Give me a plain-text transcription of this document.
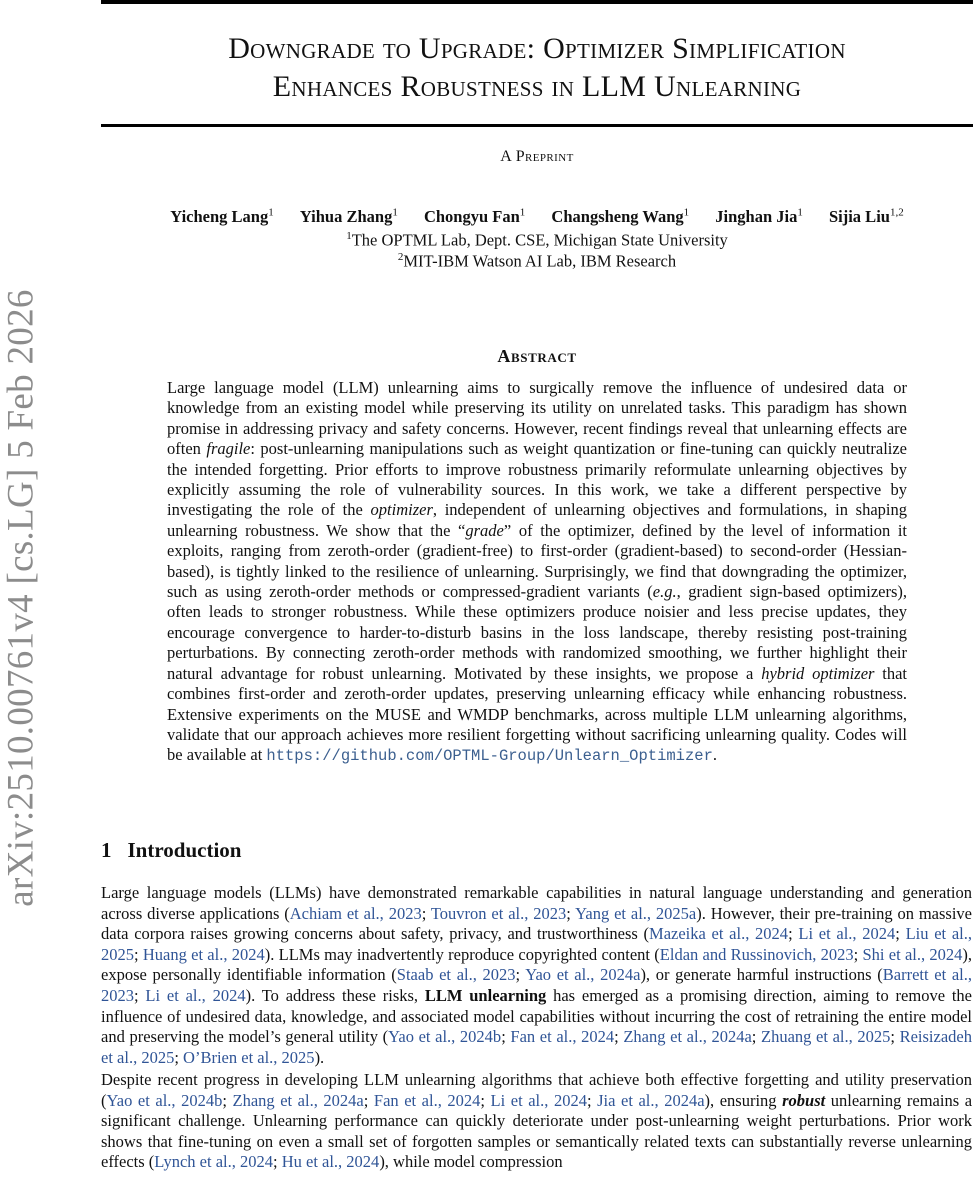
arXiv:2510.00761v4 [cs.LG] 5 Feb 2026
Downgrade to Upgrade: Optimizer Simplification
Enhances Robustness in LLM Unlearning
A Preprint
Yicheng Lang$^1$ Yihua Zhang$^1$ Chongyu Fan$^1$ Changsheng Wang$^1$ Jinghan Jia$^1$ Sijia Liu$^{1,2}$
$^1$The OPTML Lab, Dept. CSE, Michigan State University
$^2$MIT-IBM Watson AI Lab, IBM Research
Abstract
Large language model (LLM) unlearning aims to surgically remove the influence of undesired data or knowledge from an existing model while preserving its utility on unrelated tasks. This paradigm has shown promise in addressing privacy and safety concerns. However, recent findings reveal that unlearning effects are often fragile: post-unlearning manipulations such as weight quantization or fine-tuning can quickly neutralize the intended forgetting. Prior efforts to improve robustness primarily reformulate unlearning objectives by explicitly assuming the role of vulnerability sources. In this work, we take a different perspective by investigating the role of the optimizer, independent of unlearning objectives and formulations, in shaping unlearning robustness. We show that the “grade” of the optimizer, defined by the level of information it exploits, ranging from zeroth-order (gradient-free) to first-order (gradient-based) to second-order (Hessian-based), is tightly linked to the resilience of unlearning. Surprisingly, we find that downgrading the optimizer, such as using zeroth-order methods or compressed-gradient variants (e.g., gradient sign-based optimizers), often leads to stronger robustness. While these optimizers produce noisier and less precise updates, they encourage convergence to harder-to-disturb basins in the loss landscape, thereby resisting post-training perturbations. By connecting zeroth-order methods with randomized smoothing, we further highlight their natural advantage for robust unlearning. Motivated by these insights, we propose a hybrid optimizer that combines first-order and zeroth-order updates, preserving unlearning efficacy while enhancing robustness. Extensive experiments on the MUSE and WMDP benchmarks, across multiple LLM unlearning algorithms, validate that our approach achieves more resilient forgetting without sacrificing unlearning quality. Codes will be available at https://github.com/OPTML-Group/Unlearn_Optimizer.
1 Introduction
Large language models (LLMs) have demonstrated remarkable capabilities in natural language understanding and generation across diverse applications (Achiam et al., 2023; Touvron et al., 2023; Yang et al., 2025a). However, their pre-training on massive data corpora raises growing concerns about safety, privacy, and trustworthiness (Mazeika et al., 2024; Li et al., 2024; Liu et al., 2025; Huang et al., 2024). LLMs may inadvertently reproduce copyrighted content (Eldan and Russinovich, 2023; Shi et al., 2024), expose personally identifiable information (Staab et al., 2023; Yao et al., 2024a), or generate harmful instructions (Barrett et al., 2023; Li et al., 2024). To address these risks, LLM unlearning has emerged as a promising direction, aiming to remove the influence of undesired data, knowledge, and associated model capabilities without incurring the cost of retraining the entire model and preserving the model’s general utility (Yao et al., 2024b; Fan et al., 2024; Zhang et al., 2024a; Zhuang et al., 2025; Reisizadeh et al., 2025; O’Brien et al., 2025).
Despite recent progress in developing LLM unlearning algorithms that achieve both effective forgetting and utility preservation (Yao et al., 2024b; Zhang et al., 2024a; Fan et al., 2024; Li et al., 2024; Jia et al., 2024a), ensuring robust unlearning remains a significant challenge. Unlearning performance can quickly deteriorate under post-unlearning weight perturbations. Prior work shows that fine-tuning on even a small set of forgotten samples or semantically related texts can substantially reverse unlearning effects (Lynch et al., 2024; Hu et al., 2024), while model compression
